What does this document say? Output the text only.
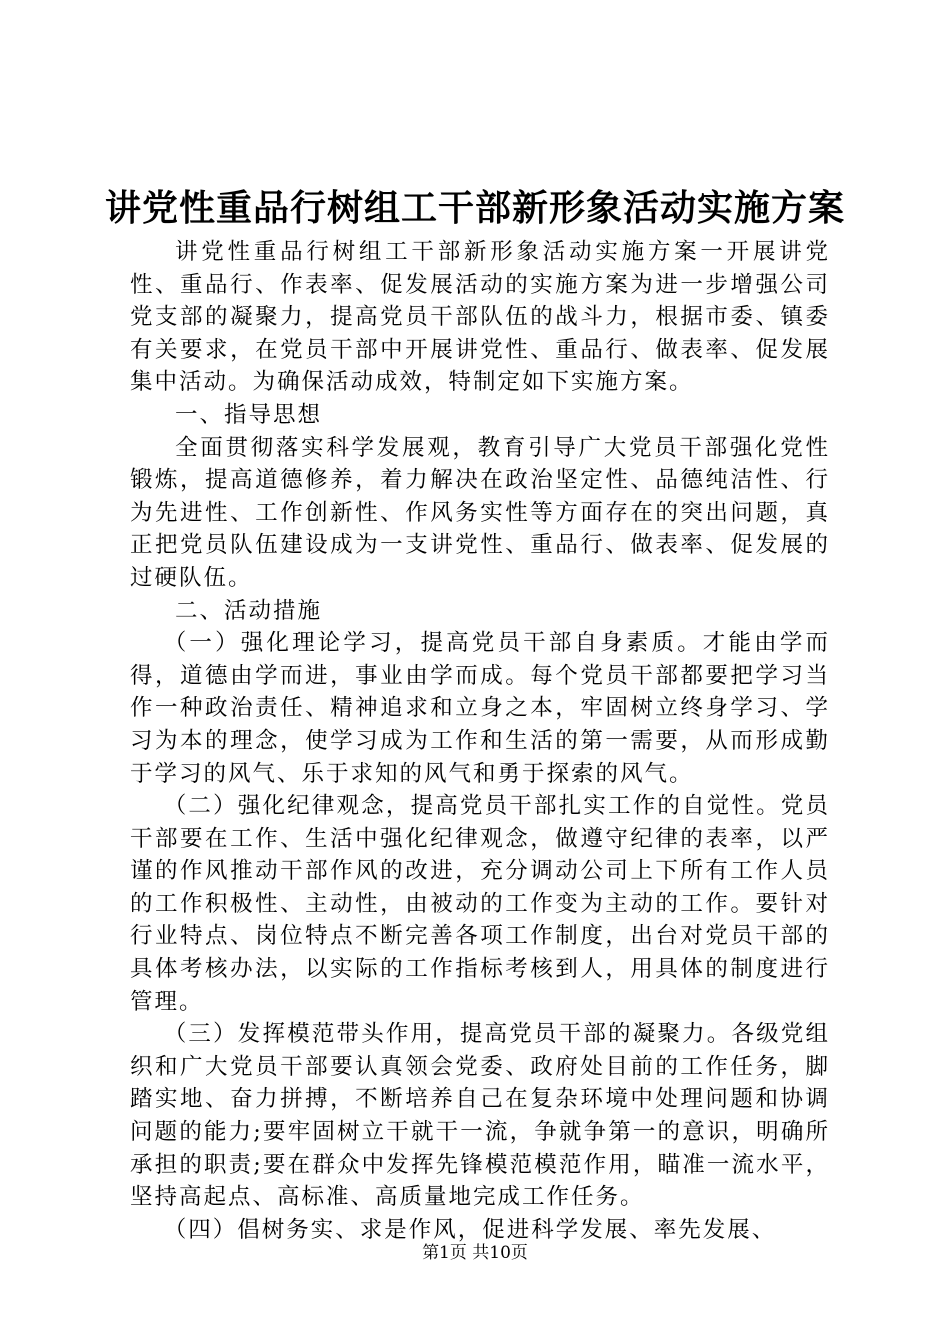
讲党性重品行树组工干部新形象活动实施方案

讲党性重品行树组工干部新形象活动实施方案一开展讲党性、重品行、作表率、促发展活动的实施方案为进一步增强公司党支部的凝聚力，提高党员干部队伍的战斗力，根据市委、镇委有关要求，在党员干部中开展讲党性、重品行、做表率、促发展集中活动。为确保活动成效，特制定如下实施方案。

一、指导思想

全面贯彻落实科学发展观，教育引导广大党员干部强化党性锻炼，提高道德修养，着力解决在政治坚定性、品德纯洁性、行为先进性、工作创新性、作风务实性等方面存在的突出问题，真正把党员队伍建设成为一支讲党性、重品行、做表率、促发展的过硬队伍。

二、活动措施

（一）强化理论学习，提高党员干部自身素质。才能由学而得，道德由学而进，事业由学而成。每个党员干部都要把学习当作一种政治责任、精神追求和立身之本，牢固树立终身学习、学习为本的理念，使学习成为工作和生活的第一需要，从而形成勤于学习的风气、乐于求知的风气和勇于探索的风气。

（二）强化纪律观念，提高党员干部扎实工作的自觉性。党员干部要在工作、生活中强化纪律观念，做遵守纪律的表率，以严谨的作风推动干部作风的改进，充分调动公司上下所有工作人员的工作积极性、主动性，由被动的工作变为主动的工作。要针对行业特点、岗位特点不断完善各项工作制度，出台对党员干部的具体考核办法，以实际的工作指标考核到人，用具体的制度进行管理。

（三）发挥模范带头作用，提高党员干部的凝聚力。各级党组织和广大党员干部要认真领会党委、政府处目前的工作任务，脚踏实地、奋力拼搏，不断培养自己在复杂环境中处理问题和协调问题的能力;要牢固树立干就干一流，争就争第一的意识，明确所承担的职责;要在群众中发挥先锋模范模范作用，瞄准一流水平，坚持高起点、高标准、高质量地完成工作任务。

（四）倡树务实、求是作风，促进科学发展、率先发展、

第1页 共10页
